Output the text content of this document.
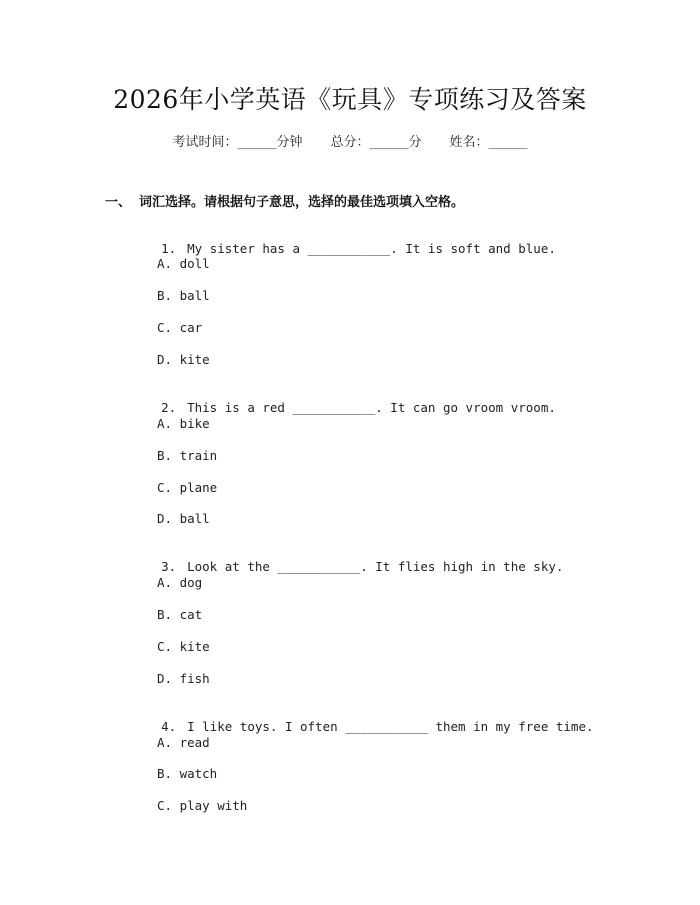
2026年小学英语《玩具》专项练习及答案
考试时间：______分钟 总分：______分 姓名：______
一、 词汇选择。请根据句子意思，选择的最佳选项填入空格。

1. My sister has a ___________. It is soft and blue.

A. doll
B. ball
C. car
D. kite

2. This is a red ___________. It can go vroom vroom.

A. bike
B. train
C. plane
D. ball

3. Look at the ___________. It flies high in the sky.

A. dog
B. cat
C. kite
D. fish

4. I like toys. I often ___________ them in my free time.

A. read
B. watch
C. play with
